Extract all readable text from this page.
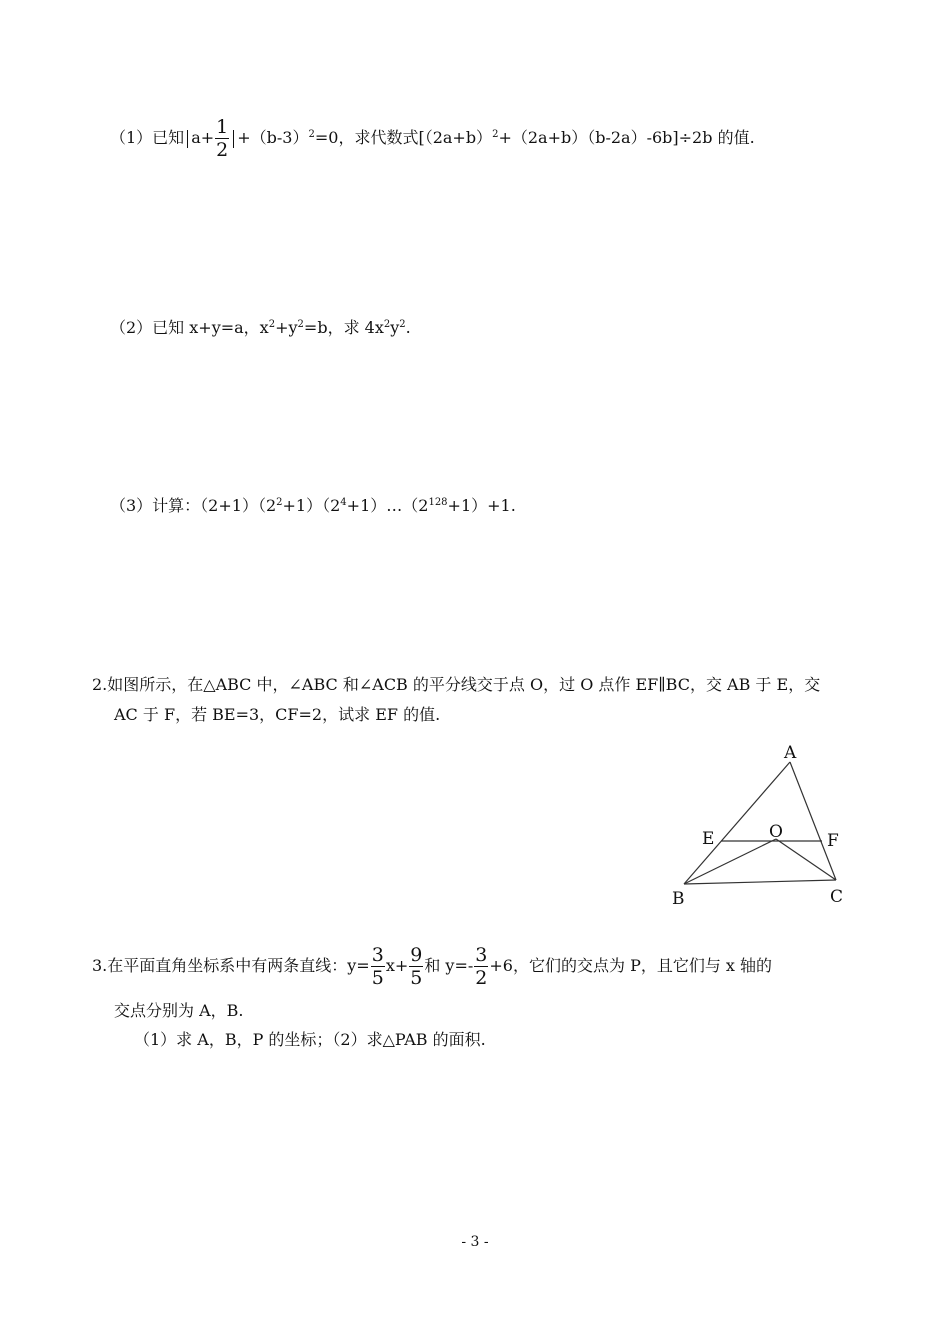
（1）已知 $a+ \frac{1}{2} +(b-3)^2=0$，求代数式$[(2a+b)^2+(2a+b)(b-2a)-6b]\div 2b$ 的值.
（2）已知 x+y=a，$x^2+y^2=b$，求 $4x^2y^2$.
（3）计算：$(2+1)(2^2+1)(2^4+1)\dots(2^{128}+1)+1$.
2.如图所示，在△ABC 中，∠ABC 和∠ACB 的平分线交于点 O，过 O 点作 EF∥BC，交 AB 于 E，交
AC 于 F，若 BE=3，CF=2，试求 EF 的值.
A
B	C
E	F
O
3.在平面直角坐标系中有两条直线：$y= \frac{3}{5} x+ \frac{9}{5}$ 和 $y=- \frac{3}{2} +6$，它们的交点为 P，且它们与 x 轴的
交点分别为 A，B.
（1）求 A，B，P 的坐标；（2）求△PAB 的面积.
- 3 -
